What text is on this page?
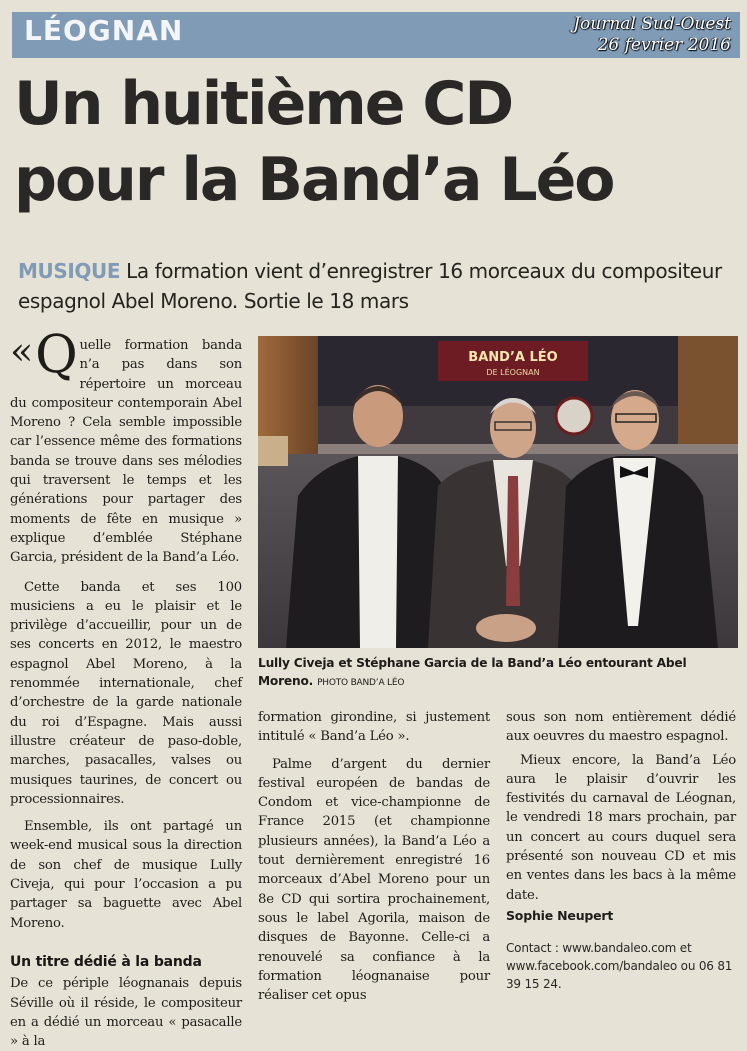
LÉOGNAN	Journal Sud-Ouest
26 fevrier 2016
Un huitième CD
pour la Band’a Léo
MUSIQUE La formation vient d’enregistrer 16 morceaux du compositeur espagnol Abel Moreno. Sortie le 18 mars

« Q uelle formation banda n’a pas dans son répertoire un morceau du compositeur contemporain Abel Moreno ? Cela semble impossible car l’essence même des formations banda se trouve dans ses mélodies qui traversent le temps et les générations pour partager des moments de fête en musique » explique d’emblée Stéphane Garcia, président de la Band’a Léo.

Cette banda et ses 100 musiciens a eu le plaisir et le privilège d’accueillir, pour un de ses concerts en 2012, le maestro espagnol Abel Moreno, à la renommée internationale, chef d’orchestre de la garde nationale du roi d’Espagne. Mais aussi illustre créateur de paso-doble, marches, pasacalles, valses ou musiques taurines, de concert ou processionnaires.

Ensemble, ils ont partagé un week-end musical sous la direction de son chef de musique Lully Civeja, qui pour l’occasion a pu partager sa baguette avec Abel Moreno.

Un titre dédié à la banda

De ce périple léognanais depuis Séville où il réside, le compositeur en a dédié un morceau « pasacalle » à la

BAND’A LÉO
DE LÉOGNAN
Lully Civeja et Stéphane Garcia de la Band’a Léo entourant Abel Moreno. PHOTO BAND’A LÉO

formation girondine, si justement intitulé « Band’a Léo ».

Palme d’argent du dernier festival européen de bandas de Condom et vice-championne de France 2015 (et championne plusieurs années), la Band’a Léo a tout dernièrement enregistré 16 morceaux d’Abel Moreno pour un 8e CD qui sortira prochainement, sous le label Agorila, maison de disques de Bayonne. Celle-ci a renouvelé sa confiance à la formation léognanaise pour réaliser cet opus

sous son nom entièrement dédié aux oeuvres du maestro espagnol.

Mieux encore, la Band’a Léo aura le plaisir d’ouvrir les festivités du carnaval de Léognan, le vendredi 18 mars prochain, par un concert au cours duquel sera présenté son nouveau CD et mis en ventes dans les bacs à la même date.

Sophie Neupert
Contact : www.bandaleo.com et www.facebook.com/bandaleo ou 06 81 39 15 24.
